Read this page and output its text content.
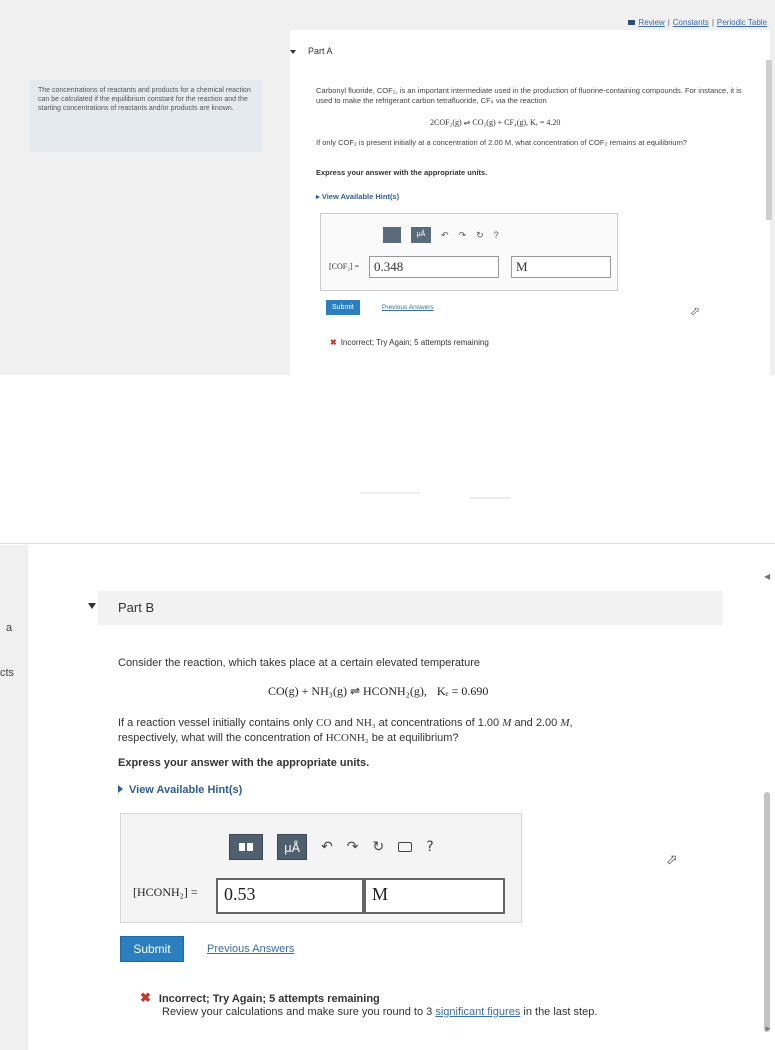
Review | Constants | Periodic Table
The concentrations of reactants and products for a chemical reaction can be calculated if the equilibrium constant for the reaction and the starting concentrations of reactants and/or products are known.
Part A
Carbonyl fluoride, COF₂, is an important intermediate used in the production of fluorine-containing compounds. For instance, it is used to make the refrigerant carbon tetrafluoride, CF₄ via the reaction
2COF₂(g) ⇌ CO₂(g) + CF₄(g), Kₑ = 4.20
If only COF₂ is present initially at a concentration of 2.00 M, what concentration of COF₂ remains at equilibrium?
Express your answer with the appropriate units.
▸ View Available Hint(s)
μÅ	↶ ↷ ↻ ?
[COF₂] =	0.348	M
Submit	Previous Answers
✖ Incorrect; Try Again; 5 attempts remaining
⬀
a
cts
Part B
Consider the reaction, which takes place at a certain elevated temperature
CO(g) + NH₃(g) ⇌ HCONH₂(g), Kₑ = 0.690
If a reaction vessel initially contains only CO and NH₃ at concentrations of 1.00 M and 2.00 M,
respectively, what will the concentration of HCONH₂ be at equilibrium?
Express your answer with the appropriate units.
View Available Hint(s)
μÅ	↶ ↷ ↻	?
[HCONH₂] =	0.53	M
Submit	Previous Answers
⬀
✖ Incorrect; Try Again; 5 attempts remaining
Review your calculations and make sure you round to 3 significant figures in the last step.
◀
►
